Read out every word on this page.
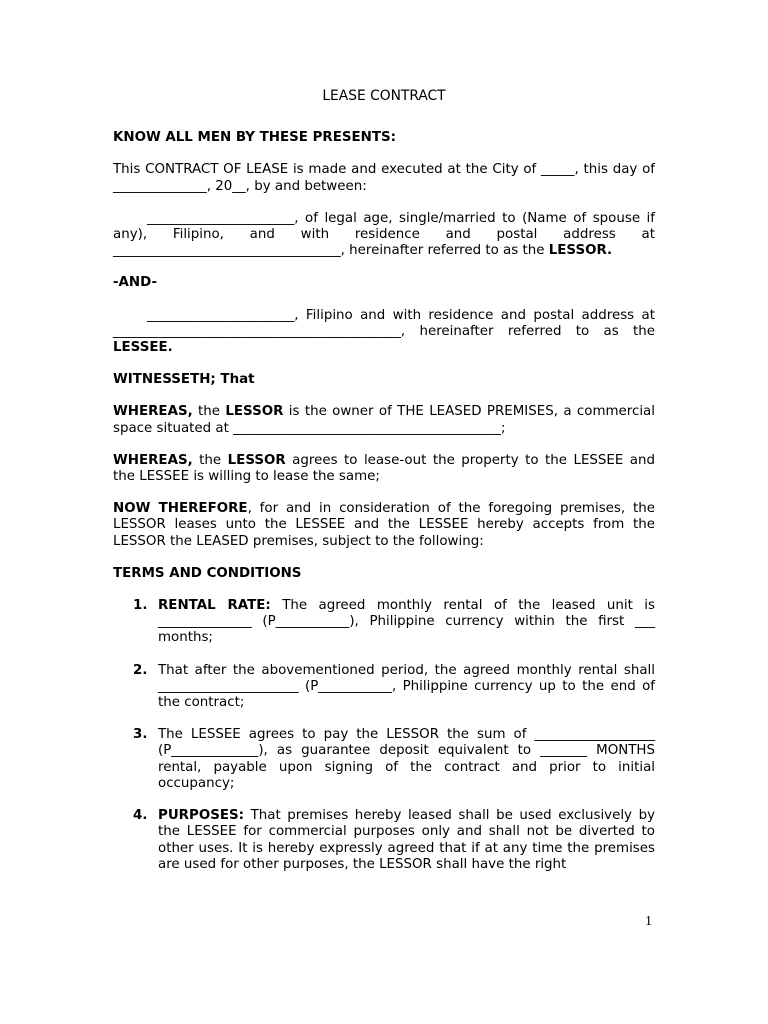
LEASE CONTRACT

KNOW ALL MEN BY THESE PRESENTS:

This CONTRACT OF LEASE is made and executed at the City of _____, this day of ______________, 20__, by and between:

______________________, of legal age, single/married to (Name of spouse if any), Filipino, and with residence and postal address at __________________________________, hereinafter referred to as the LESSOR.

-AND-

______________________, Filipino and with residence and postal address at ___________________________________________, hereinafter referred to as the LESSEE.

WITNESSETH; That

WHEREAS, the LESSOR is the owner of THE LEASED PREMISES, a commercial space situated at ________________________________________;

WHEREAS, the LESSOR agrees to lease-out the property to the LESSEE and the LESSEE is willing to lease the same;

NOW THEREFORE, for and in consideration of the foregoing premises, the LESSOR leases unto the LESSEE and the LESSEE hereby accepts from the LESSOR the LEASED premises, subject to the following:

TERMS AND CONDITIONS

1. RENTAL RATE: The agreed monthly rental of the leased unit is ______________ (P___________), Philippine currency within the first ___ months;
2. That after the abovementioned period, the agreed monthly rental shall _____________________ (P___________, Philippine currency up to the end of the contract;
3. The LESSEE agrees to pay the LESSOR the sum of __________________ (P_____________), as guarantee deposit equivalent to _______ MONTHS rental, payable upon signing of the contract and prior to initial occupancy;
4. PURPOSES: That premises hereby leased shall be used exclusively by the LESSEE for commercial purposes only and shall not be diverted to other uses. It is hereby expressly agreed that if at any time the premises are used for other purposes, the LESSOR shall have the right
1
